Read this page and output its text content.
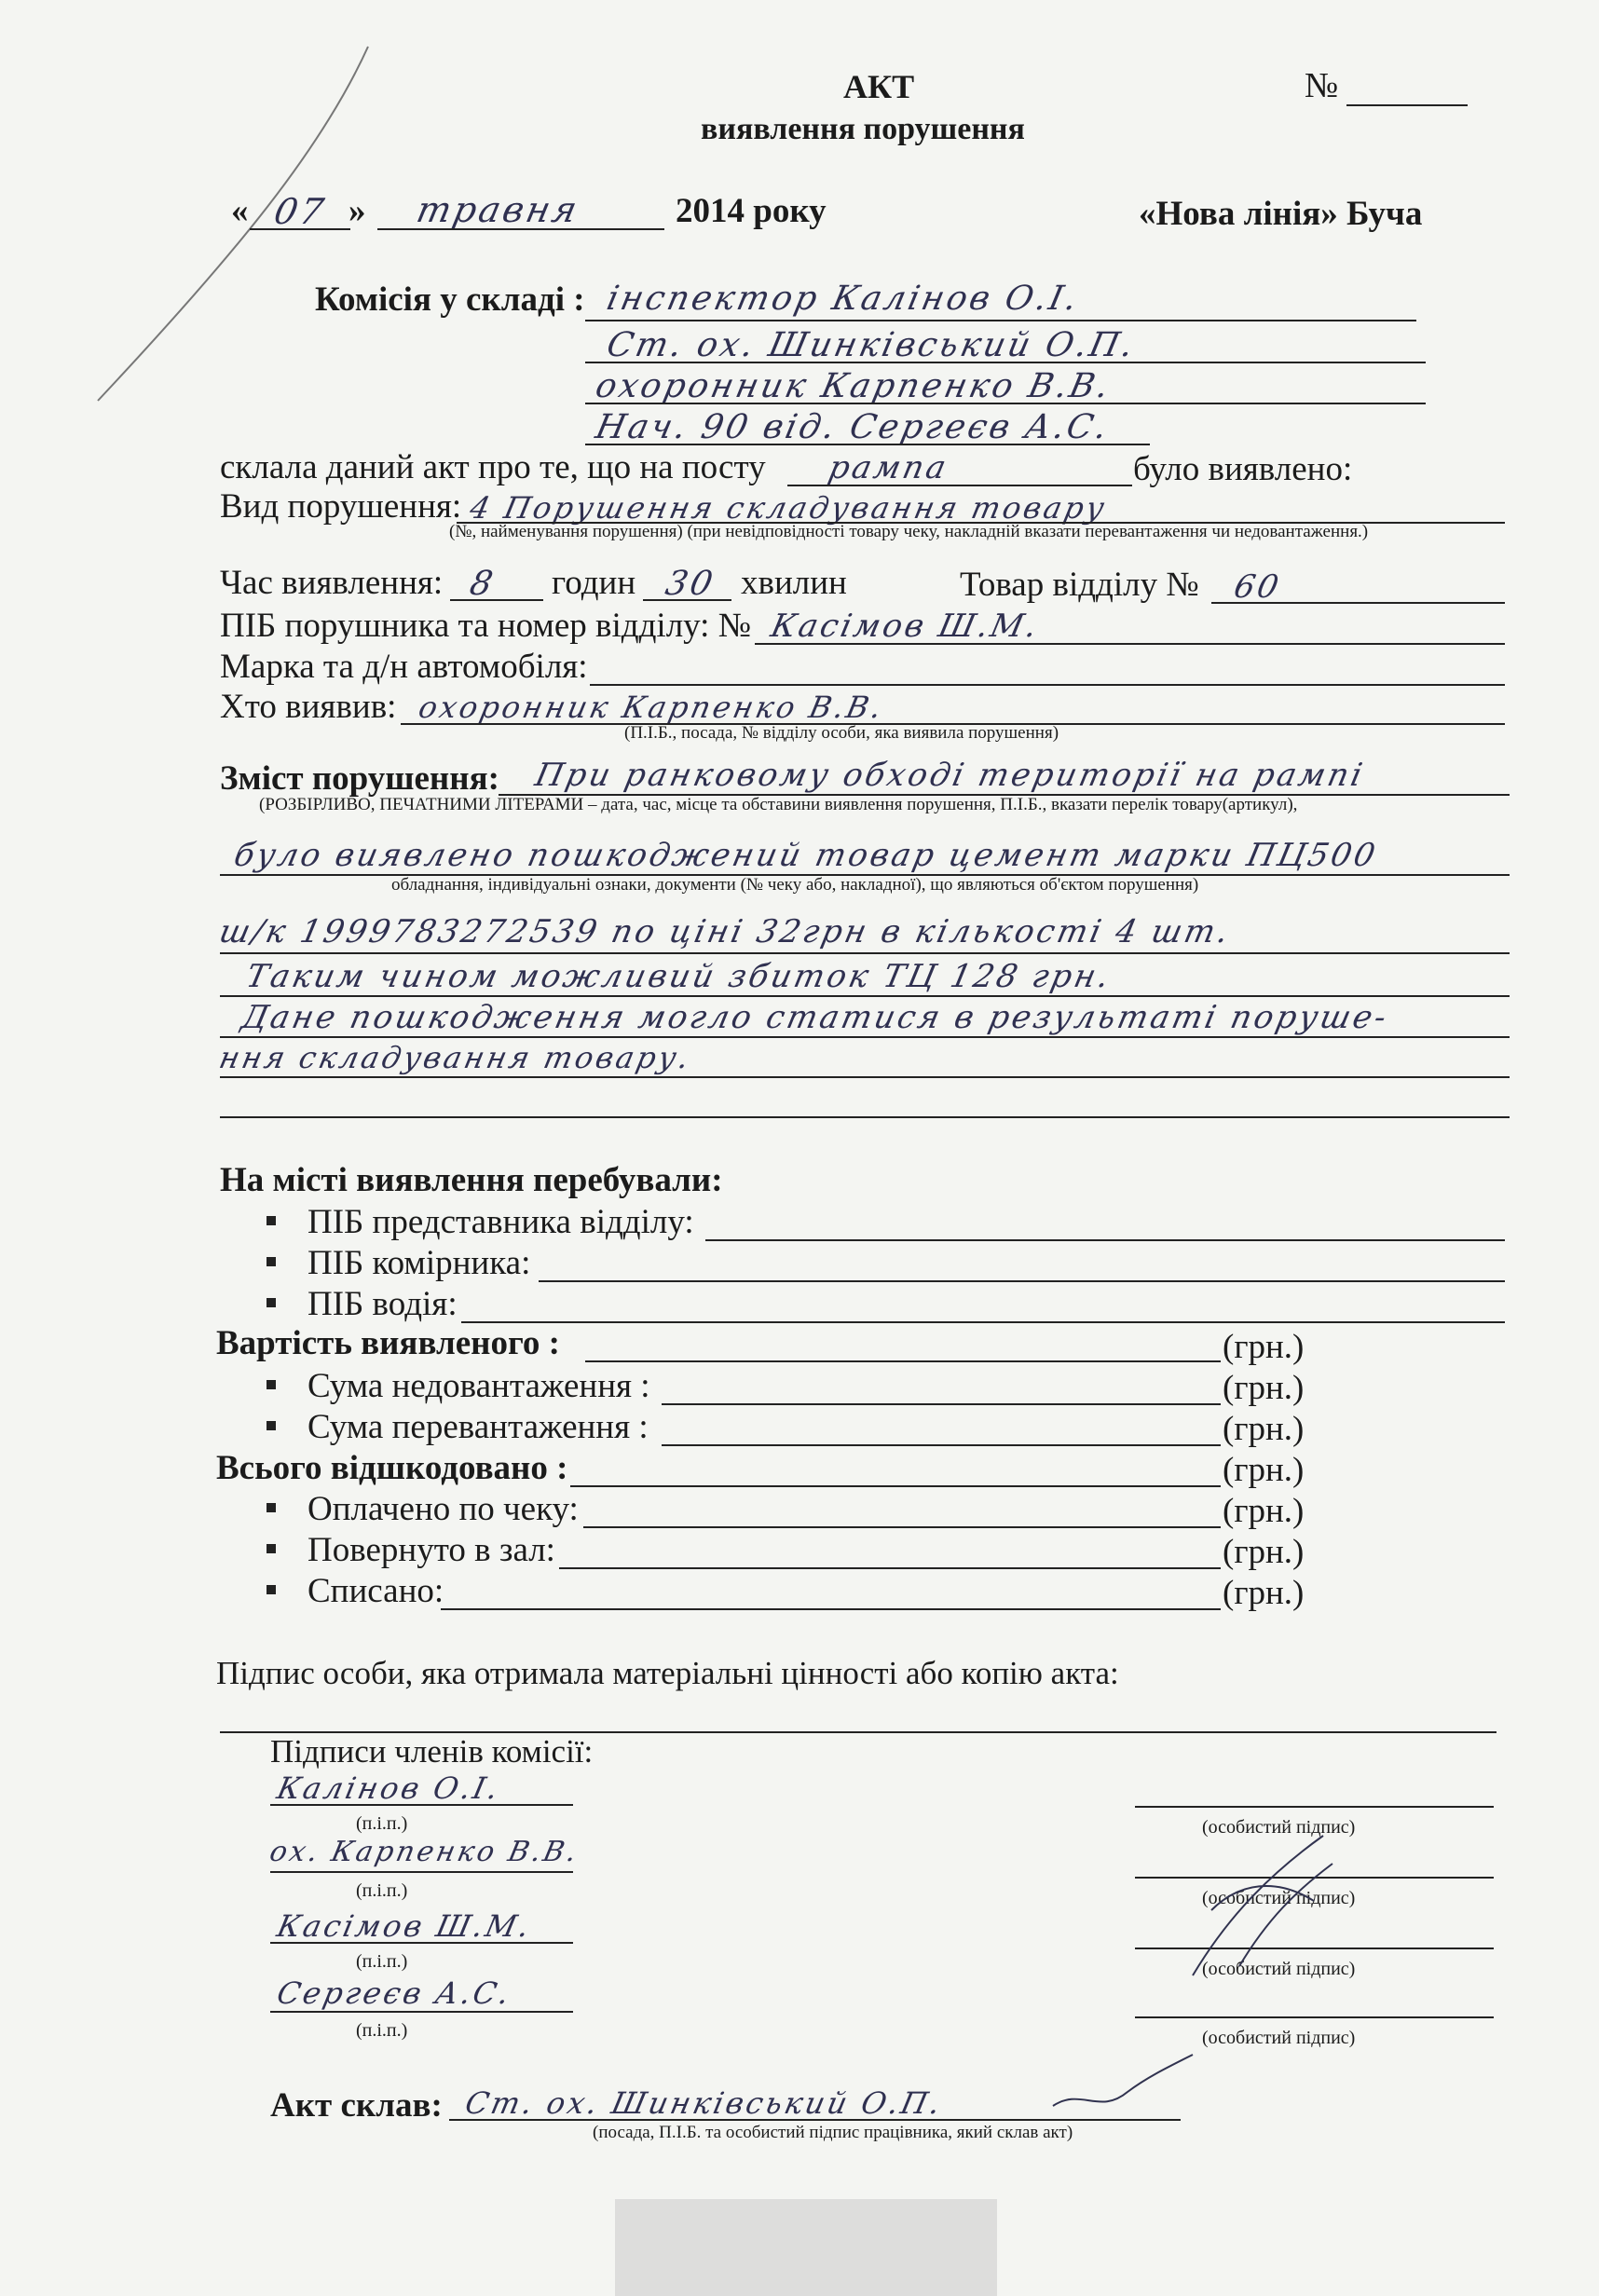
АКТ
виявлення порушення
№
« 07 » травня	2014 року	«Нова лінія» Буча
Комісія у складі : інспектор Калінов О.І.
Ст. ох. Шинківський О.П.
охоронник Карпенко В.В.
Нач. 90 від. Сергеєв А.С.
склала даний акт про те, що на посту рампа	було виявлено:
Вид порушення: 4 Порушення складування товару
(№, найменування порушення) (при невідповідності товару чеку, накладній вказати перевантаження чи недовантаження.)
Час виявлення: 8 годин 30 хвилин	Товар відділу № 60
ПІБ порушника та номер відділу: № Касімов Ш.М.
Марка та д/н автомобіля:
Хто виявив: охоронник Карпенко В.В.
(П.І.Б., посада, № відділу особи, яка виявила порушення)
Зміст порушення: При ранковому обході території на рампі
(РОЗБІРЛИВО, ПЕЧАТНИМИ ЛІТЕРАМИ – дата, час, місце та обставини виявлення порушення, П.І.Б., вказати перелік товару(артикул),
було виявлено пошкоджений товар цемент марки ПЦ500
обладнання, індивідуальні ознаки, документи (№ чеку або, накладної), що являються об'єктом порушення)
ш/к 1999783272539 по ціні 32грн в кількості 4 шт.
Таким чином можливий збиток ТЦ 128 грн.
Дане пошкодження могло статися в результаті порушe-
ння складування товару.
На місті виявлення перебували:
ПІБ представника відділу:
ПІБ комірника:
ПІБ водія:
Вартість виявленого :	(грн.)
Сума недовантаження :	(грн.)
Сума перевантаження :	(грн.)
Всього відшкодовано :	(грн.)
Оплачено по чеку:	(грн.)
Повернуто в зал:	(грн.)
Списано:	(грн.)
Підпис особи, яка отримала матеріальні цінності або копію акта:
Підписи членів комісії:
Калінов О.І.
(п.і.п.)	(особистий підпис)
ох. Карпенко В.В.
(п.і.п.)	(особистий підпис)
Касімов Ш.М.
(п.і.п.)	(особистий підпис)
Сергеєв А.С.
(п.і.п.)	(особистий підпис)
Акт склав: Ст. ох. Шинківський О.П.
(посада, П.І.Б. та особистий підпис працівника, який склав акт)
